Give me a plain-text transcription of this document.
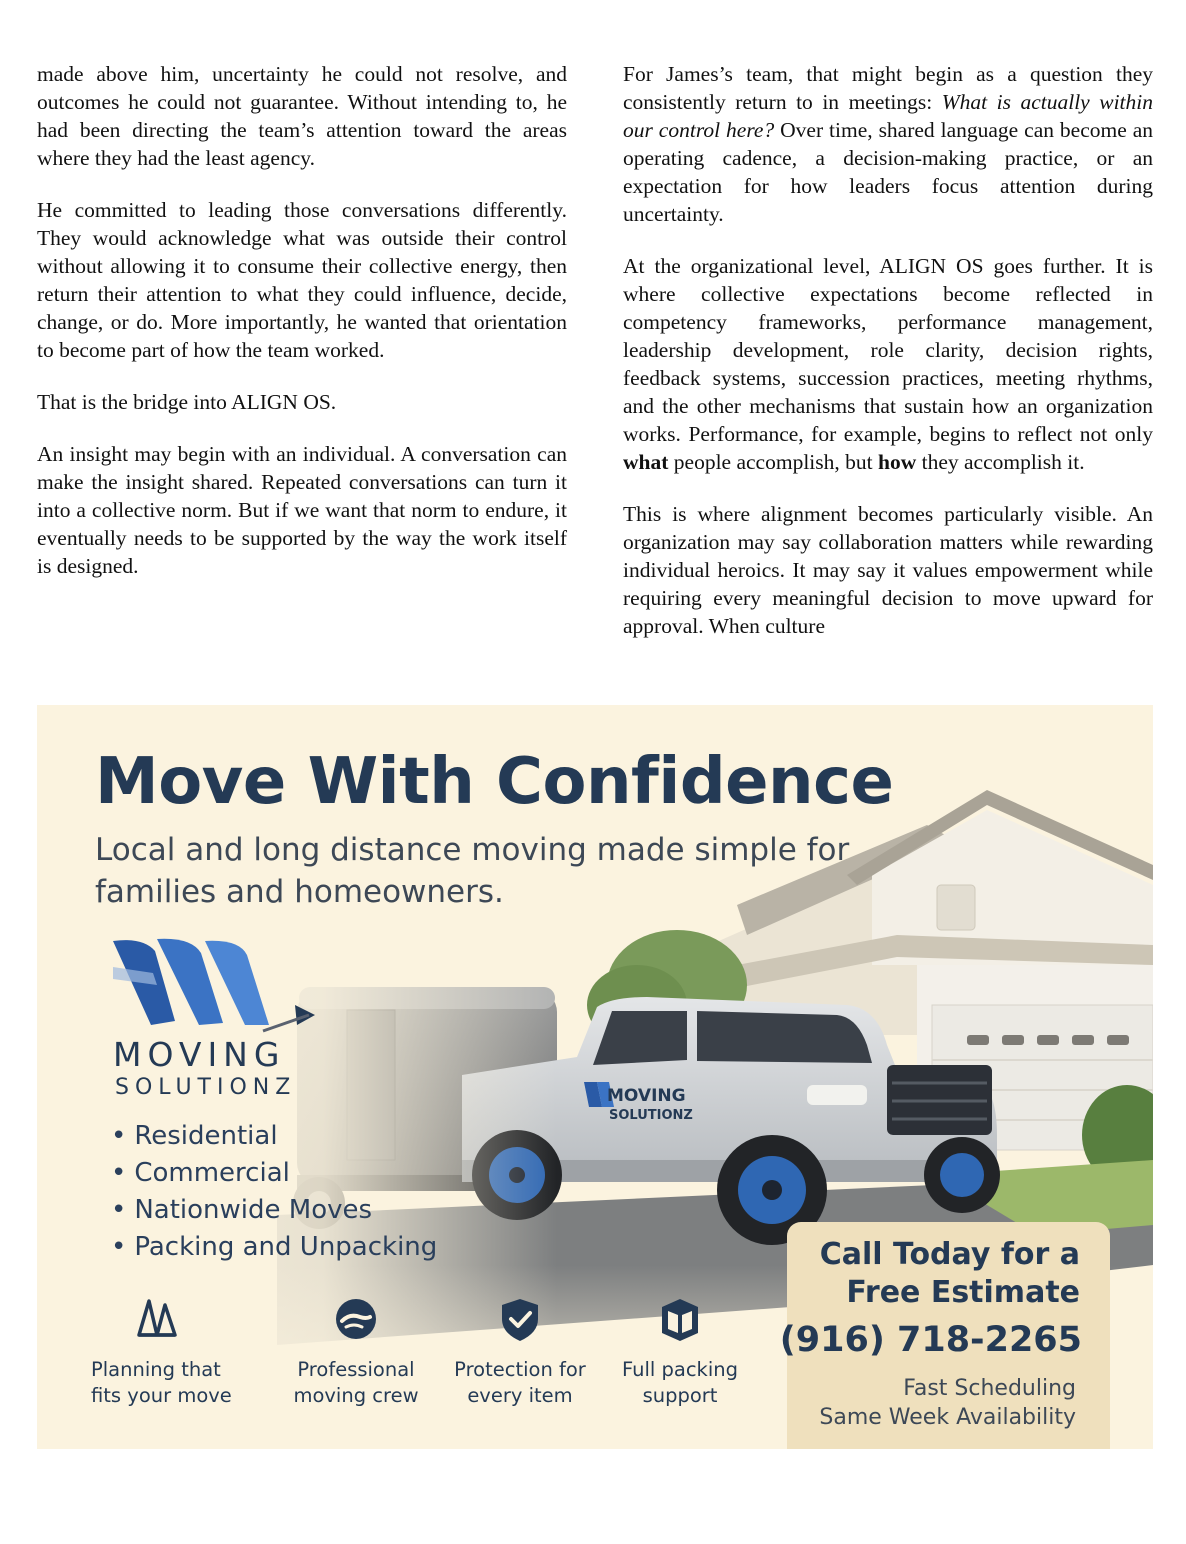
made above him, uncertainty he could not resolve, and outcomes he could not guarantee. Without intending to, he had been directing the team’s attention toward the areas where they had the least agency.

He committed to leading those conversations differently. They would acknowledge what was outside their control without allowing it to consume their collective energy, then return their attention to what they could influence, decide, change, or do. More importantly, he wanted that orientation to become part of how the team worked.

That is the bridge into ALIGN OS.

An insight may begin with an individual. A conversation can make the insight shared. Repeated conversations can turn it into a collective norm. But if we want that norm to endure, it eventually needs to be supported by the way the work itself is designed.

For James’s team, that might begin as a question they consistently return to in meetings: What is actually within our control here? Over time, shared language can become an operating cadence, a decision-making practice, or an expectation for how leaders focus attention during uncertainty.

At the organizational level, ALIGN OS goes further. It is where collective expectations become reflected in competency frameworks, performance management, leadership development, role clarity, decision rights, feedback systems, succession practices, meeting rhythms, and the other mechanisms that sustain how an organization works. Performance, for example, begins to reflect not only what people accomplish, but how they accomplish it.

This is where alignment becomes particularly visible. An organization may say collaboration matters while rewarding individual heroics. It may say it values empowerment while requiring every meaningful decision to move upward for approval. When culture

MOVING
SOLUTIONZ
Move With Confidence
Local and long distance moving made simple for families and homeowners.
MOVING
SOLUTIONZ
• Residential
• Commercial
• Nationwide Moves
• Packing and Unpacking
Planning that fits your move
Professional moving crew
Protection for every item
Full packing support
Call Today for a Free Estimate
(916) 718-2265
Fast Scheduling
Same Week Availability
